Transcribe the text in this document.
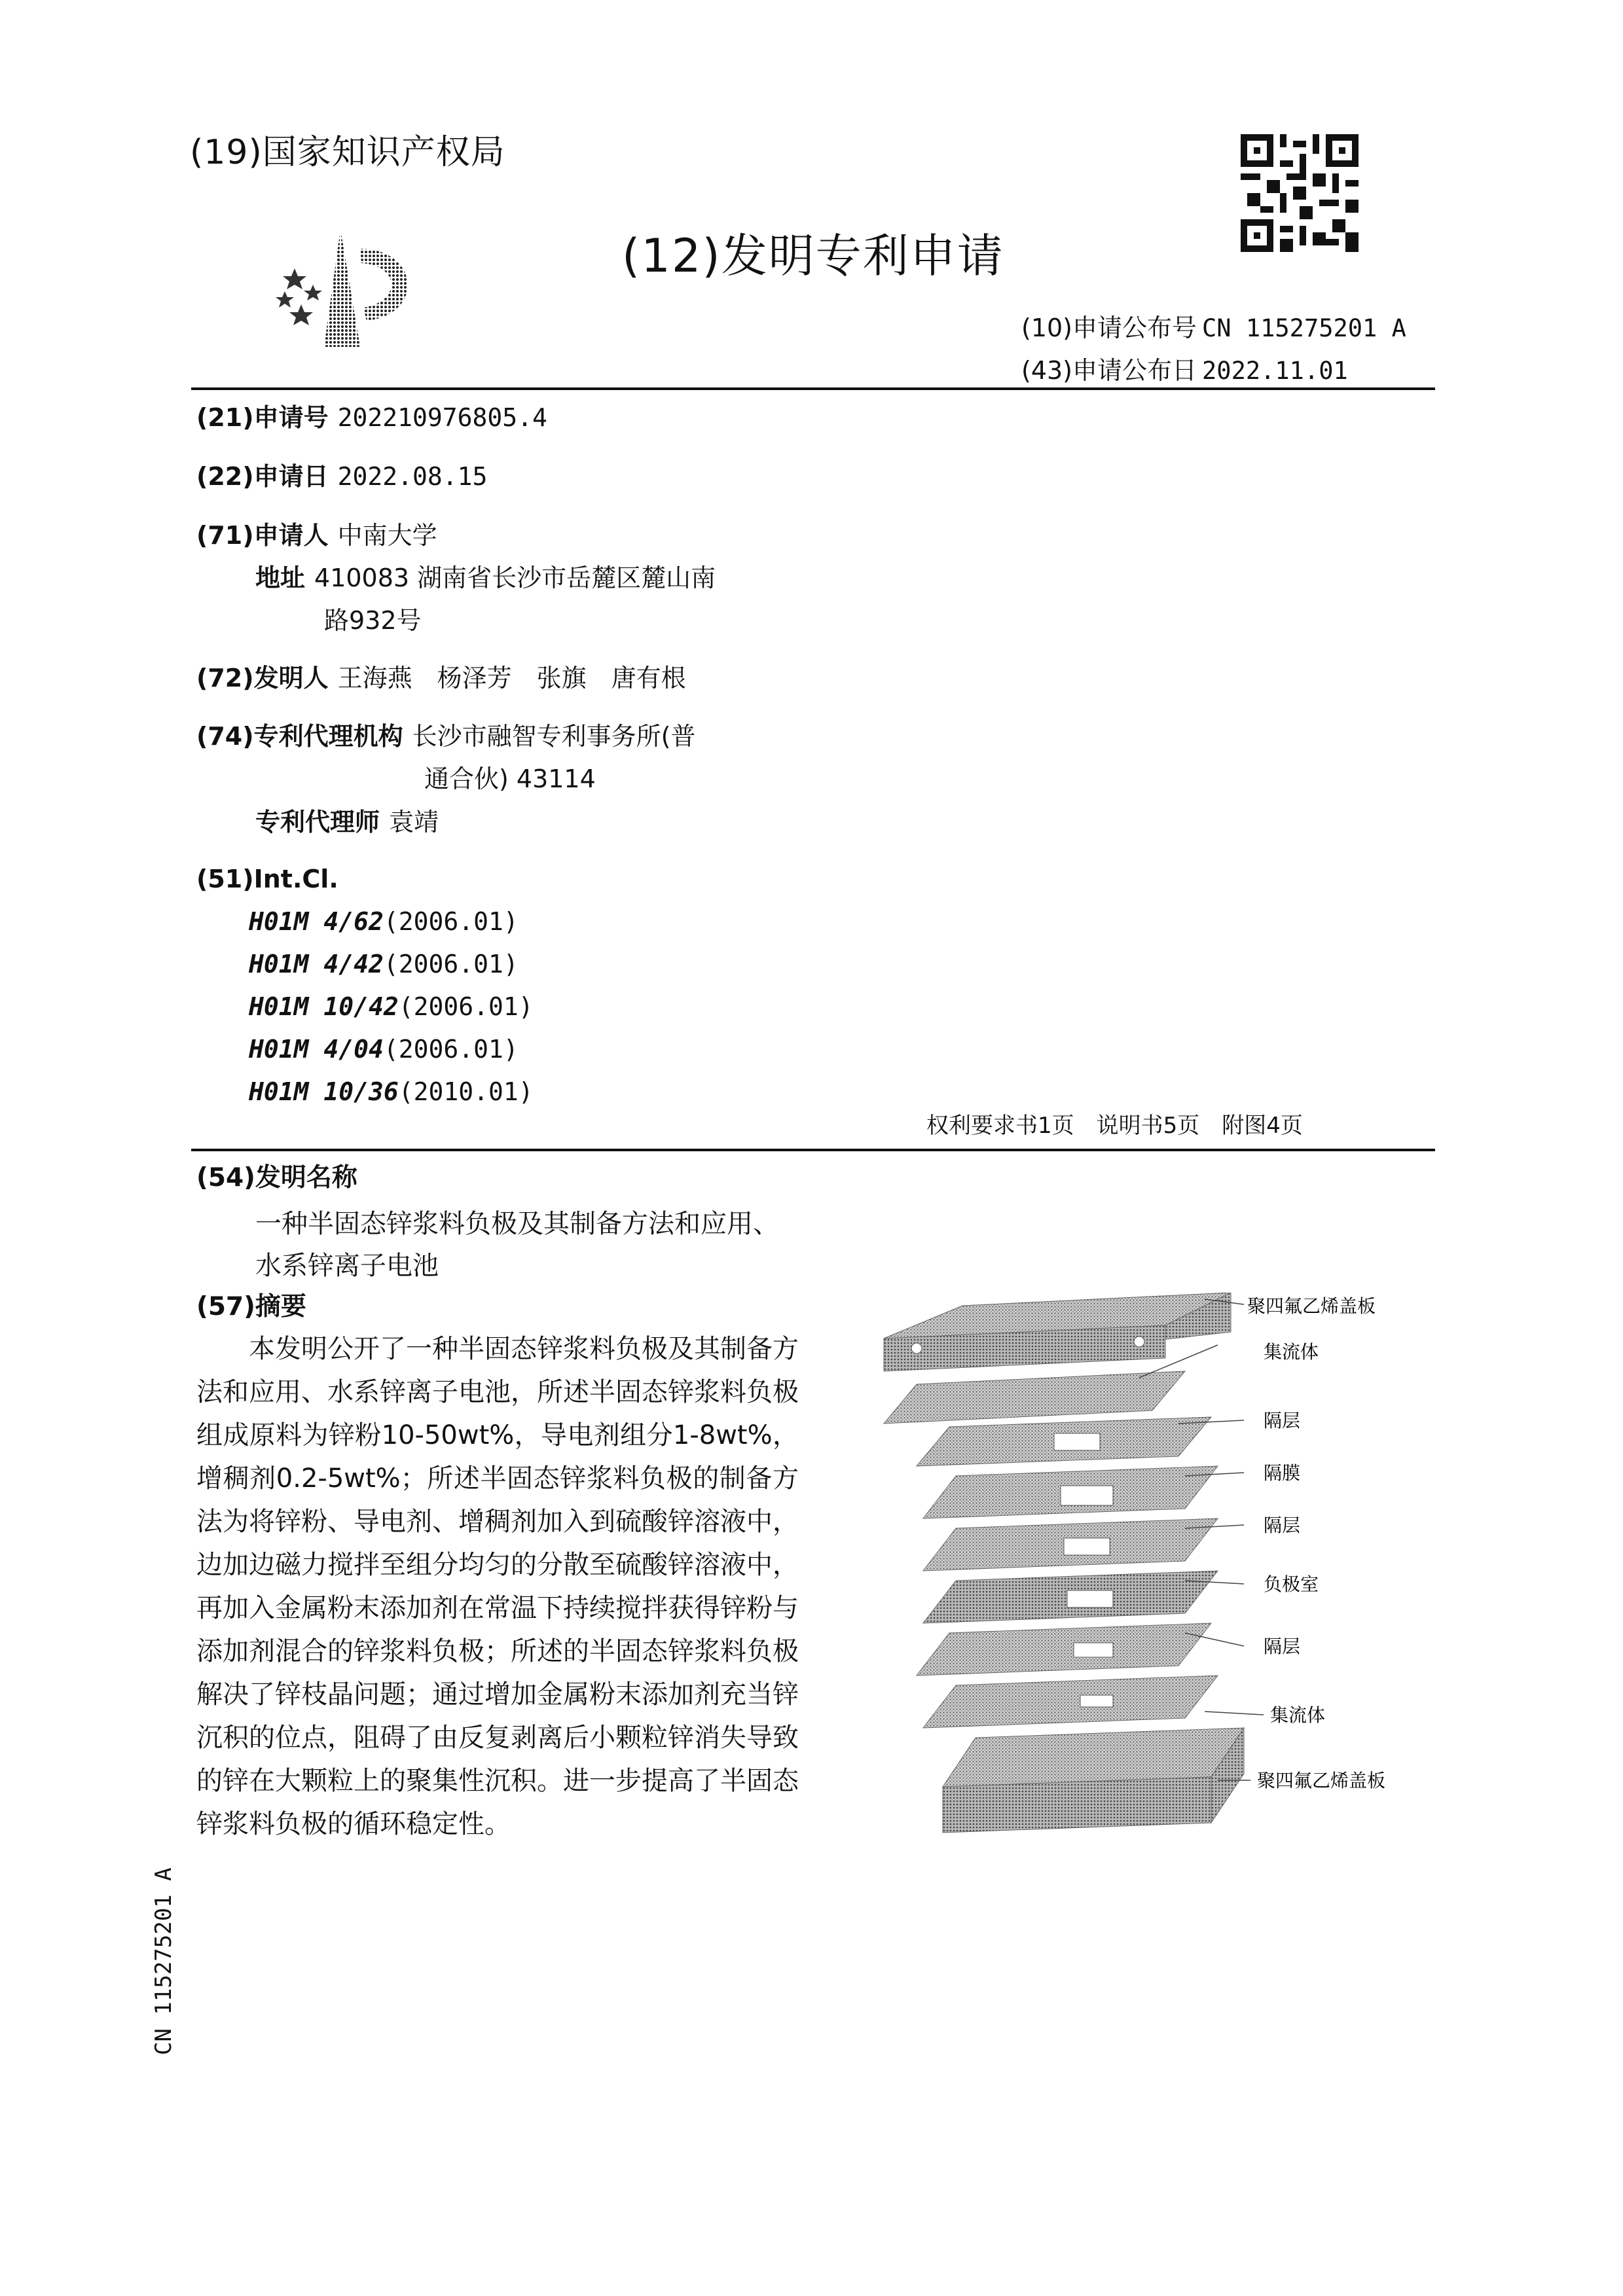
(19)国家知识产权局
(12)发明专利申请
(10)申请公布号 CN 115275201 A
(43)申请公布日 2022.11.01
(21)申请号 202210976805.4
(22)申请日 2022.08.15
(71)申请人 中南大学
地址 410083 湖南省长沙市岳麓区麓山南
路932号
(72)发明人 王海燕　杨泽芳　张旗　唐有根
(74)专利代理机构 长沙市融智专利事务所(普
通合伙) 43114
专利代理师 袁靖
(51)Int.Cl.
H01M 4/62(2006.01)
H01M 4/42(2006.01)
H01M 10/42(2006.01)
H01M 4/04(2006.01)
H01M 10/36(2010.01)
权利要求书1页　说明书5页　附图4页
(54)发明名称
一种半固态锌浆料负极及其制备方法和应用、水系锌离子电池
(57)摘要
本发明公开了一种半固态锌浆料负极及其制备方法和应用、水系锌离子电池，所述半固态锌浆料负极组成原料为锌粉10-50wt%，导电剂组分1-8wt%，增稠剂0.2-5wt%；所述半固态锌浆料负极的制备方法为将锌粉、导电剂、增稠剂加入到硫酸锌溶液中，边加边磁力搅拌至组分均匀的分散至硫酸锌溶液中，再加入金属粉末添加剂在常温下持续搅拌获得锌粉与添加剂混合的锌浆料负极；所述的半固态锌浆料负极解决了锌枝晶问题；通过增加金属粉末添加剂充当锌沉积的位点，阻碍了由反复剥离后小颗粒锌消失导致的锌在大颗粒上的聚集性沉积。进一步提高了半固态锌浆料负极的循环稳定性。
聚四氟乙烯盖板
集流体
隔层
隔膜
隔层
负极室
隔层
集流体
聚四氟乙烯盖板
CN 115275201 A
